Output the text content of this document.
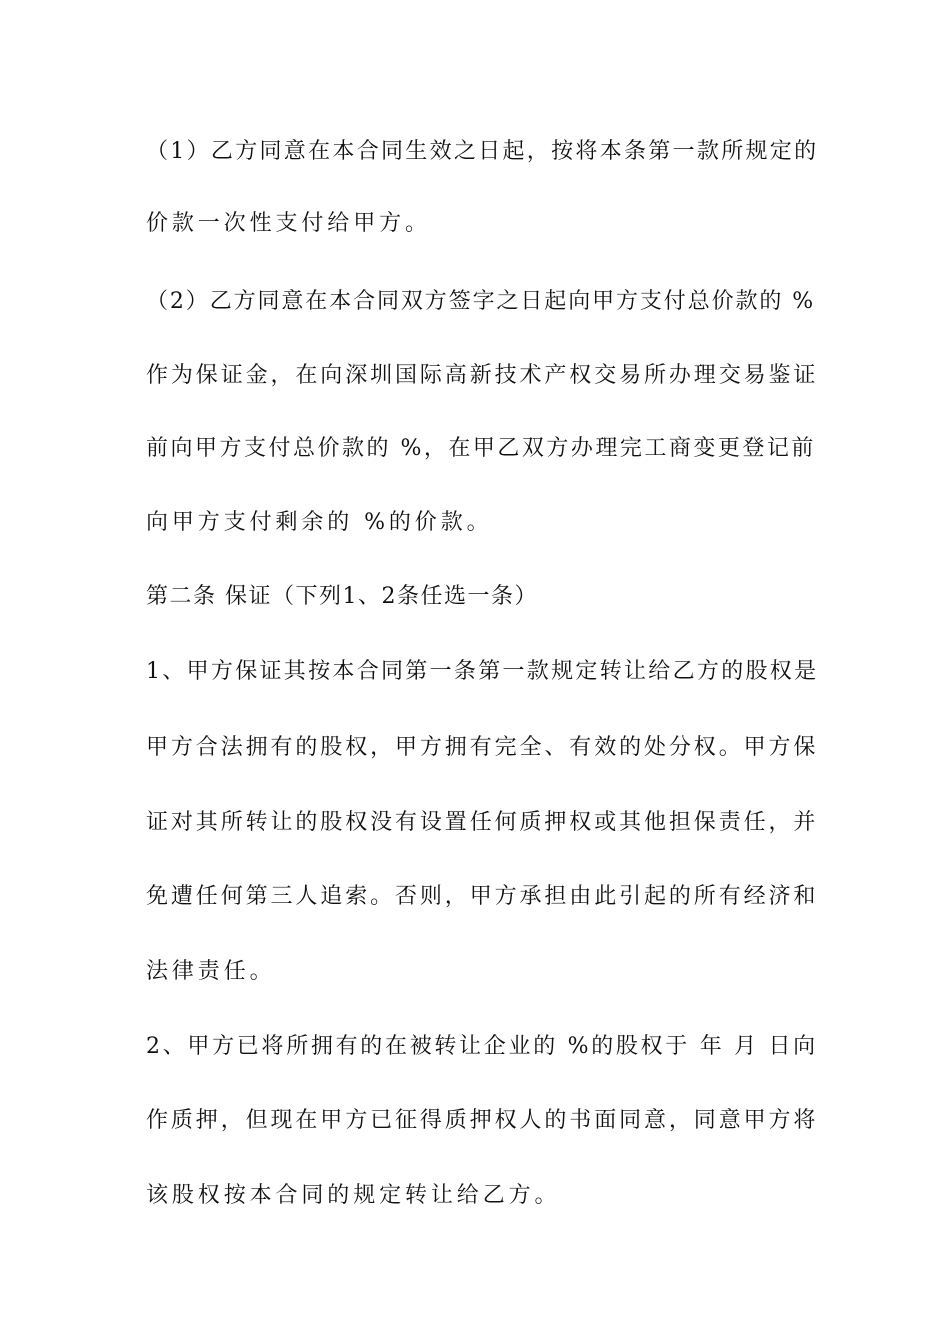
（1）乙方同意在本合同生效之日起，按将本条第一款所规定的
价款一次性支付给甲方。
（2）乙方同意在本合同双方签字之日起向甲方支付总价款的 %
作为保证金，在向深圳国际高新技术产权交易所办理交易鉴证
前向甲方支付总价款的 %，在甲乙双方办理完工商变更登记前
向甲方支付剩余的 %的价款。
第二条 保证（下列1、2条任选一条）
1、甲方保证其按本合同第一条第一款规定转让给乙方的股权是
甲方合法拥有的股权，甲方拥有完全、有效的处分权。甲方保
证对其所转让的股权没有设置任何质押权或其他担保责任，并
免遭任何第三人追索。否则，甲方承担由此引起的所有经济和
法律责任。
2、甲方已将所拥有的在被转让企业的 %的股权于 年 月 日向
作质押，但现在甲方已征得质押权人的书面同意，同意甲方将
该股权按本合同的规定转让给乙方。
